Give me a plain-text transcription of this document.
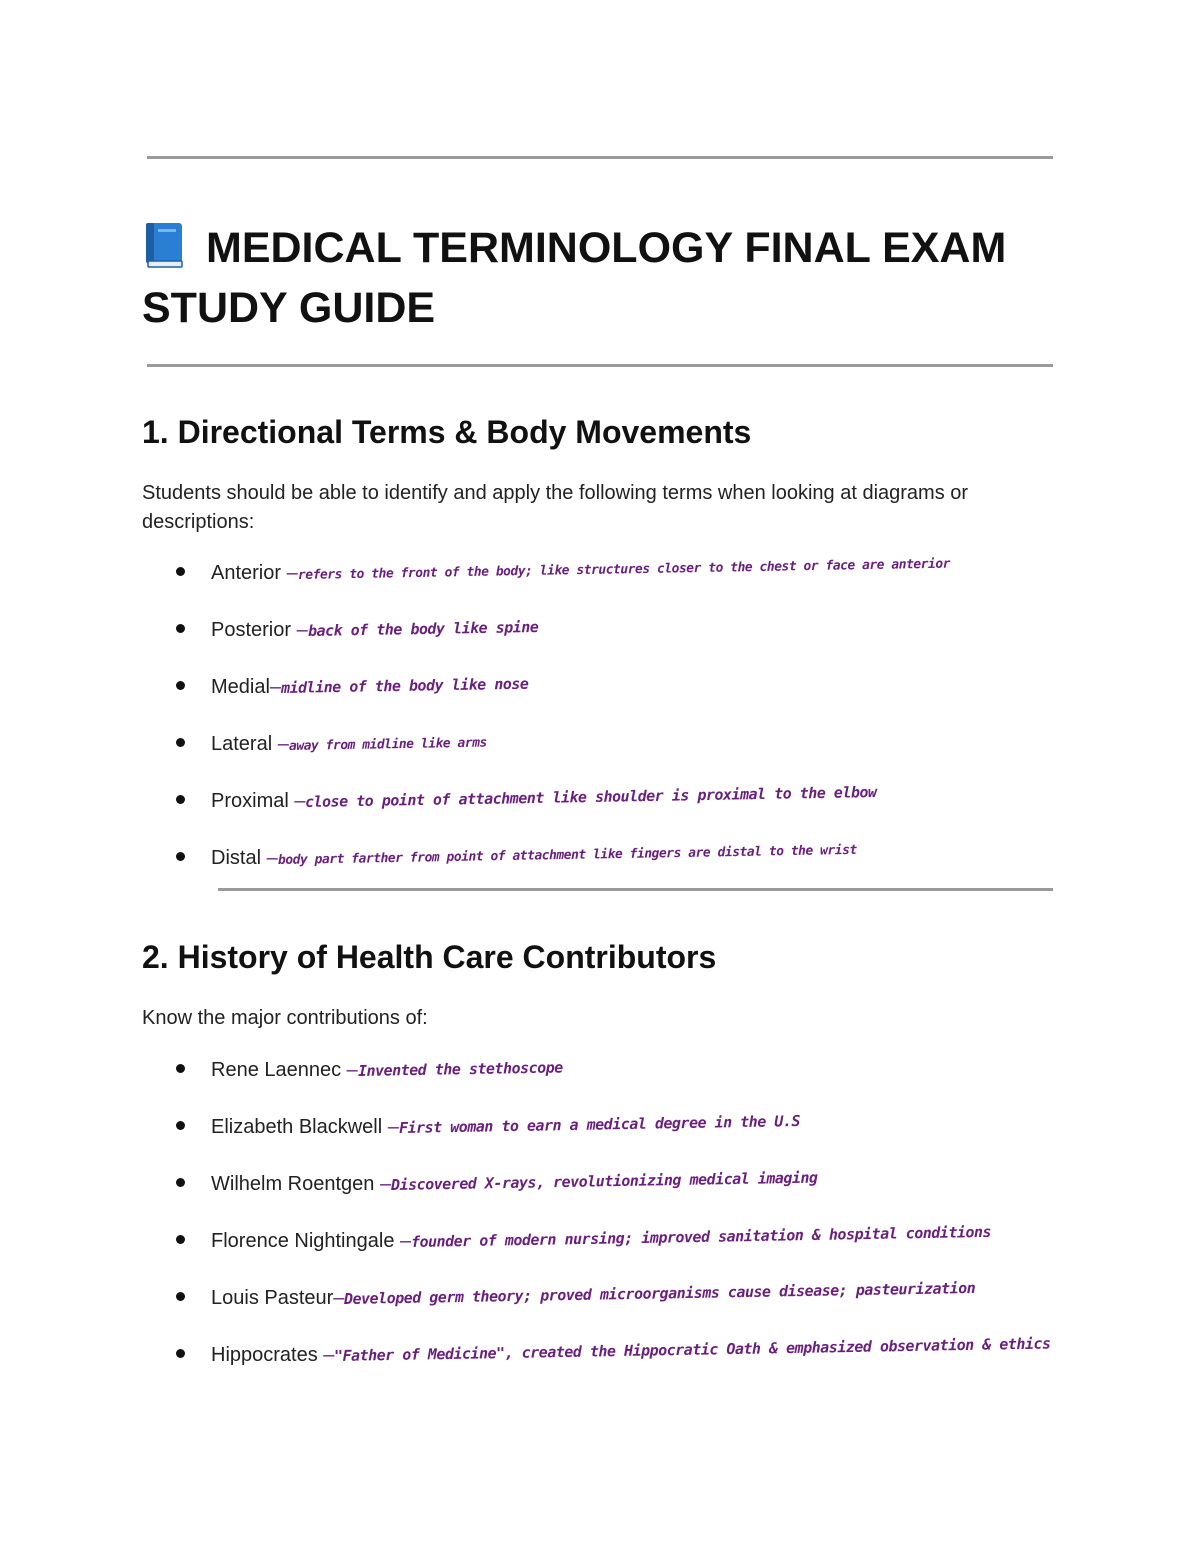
MEDICAL TERMINOLOGY FINAL EXAM STUDY GUIDE
1. Directional Terms & Body Movements
Students should be able to identify and apply the following terms when looking at diagrams or descriptions:
Anterior –refers to the front of the body; like structures closer to the chest or face are anterior
Posterior –back of the body like spine
Medial–midline of the body like nose
Lateral –away from midline like arms
Proximal –close to point of attachment like shoulder is proximal to the elbow
Distal –body part farther from point of attachment like fingers are distal to the wrist
2. History of Health Care Contributors
Know the major contributions of:
Rene Laennec –Invented the stethoscope
Elizabeth Blackwell –First woman to earn a medical degree in the U.S
Wilhelm Roentgen –Discovered X-rays, revolutionizing medical imaging
Florence Nightingale –founder of modern nursing; improved sanitation & hospital conditions
Louis Pasteur–Developed germ theory; proved microorganisms cause disease; pasteurization
Hippocrates –"Father of Medicine", created the Hippocratic Oath & emphasized observation & ethics
